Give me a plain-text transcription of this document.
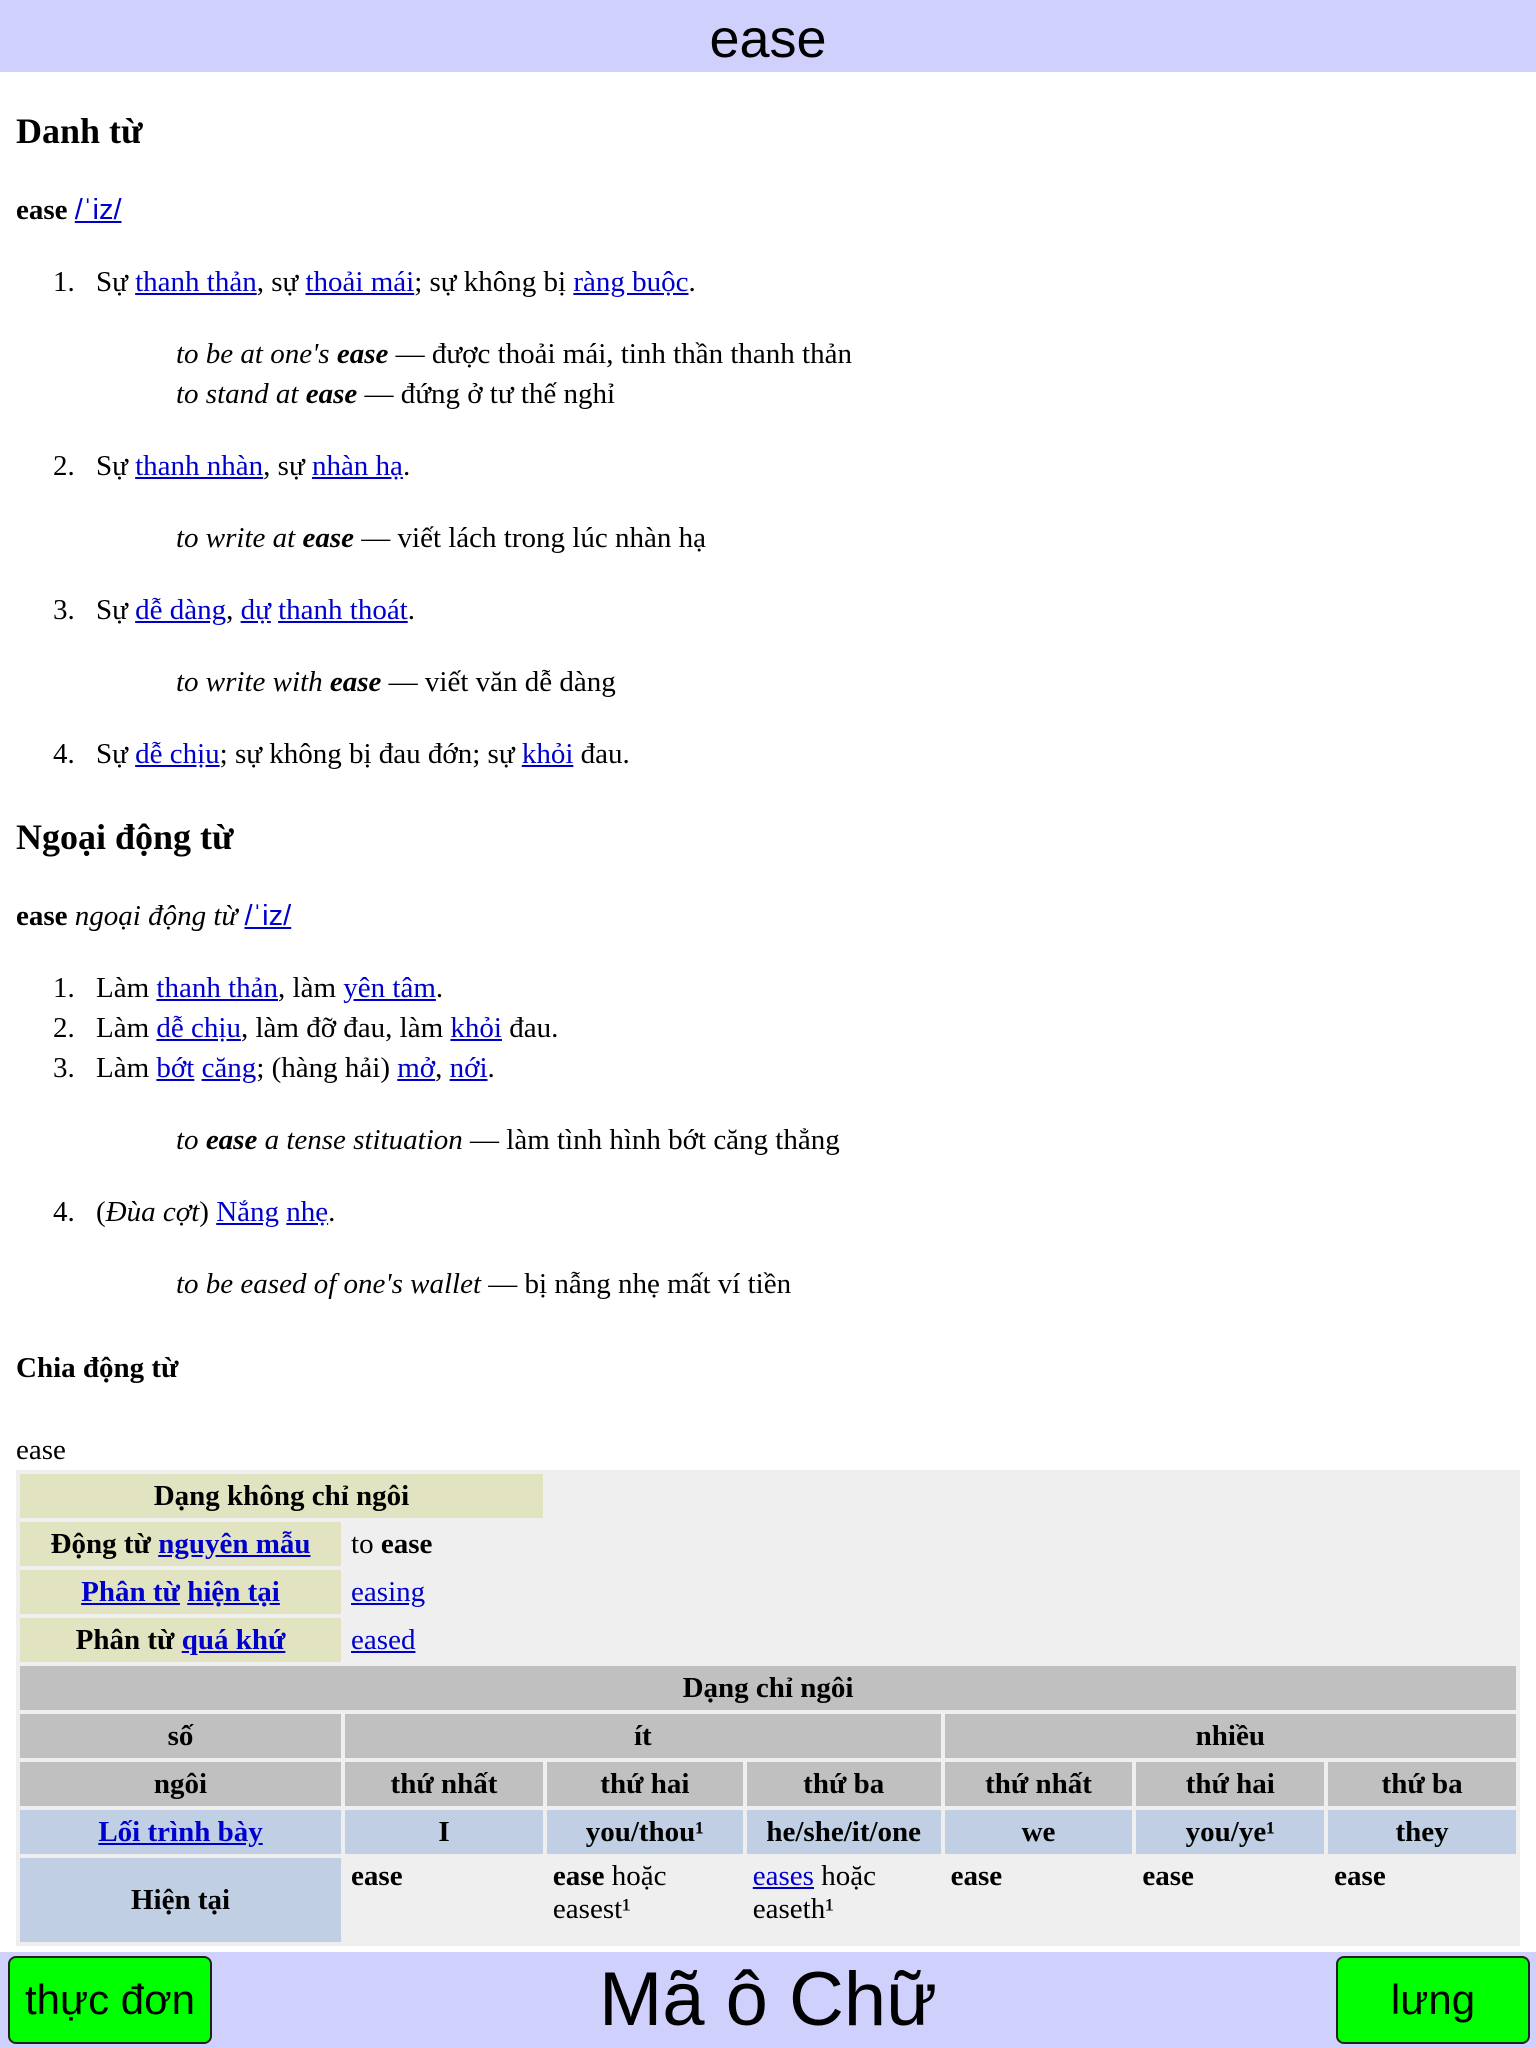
ease
Danh từ
ease /ˈiz/
1. Sự thanh thản, sự thoải mái; sự không bị ràng buộc.
to be at one's ease — được thoải mái, tinh thần thanh thản
to stand at ease — đứng ở tư thế nghỉ
2. Sự thanh nhàn, sự nhàn hạ.
to write at ease — viết lách trong lúc nhàn hạ
3. Sự dễ dàng, dự thanh thoát.
to write with ease — viết văn dễ dàng
4. Sự dễ chịu; sự không bị đau đớn; sự khỏi đau.
Ngoại động từ
ease ngoại động từ /ˈiz/
1. Làm thanh thản, làm yên tâm.
2. Làm dễ chịu, làm đỡ đau, làm khỏi đau.
3. Làm bớt căng; (hàng hải) mở, nới.
to ease a tense stituation — làm tình hình bớt căng thẳng
4. (Đùa cợt) Nắng nhẹ.
to be eased of one's wallet — bị nẫng nhẹ mất ví tiền
Chia động từ
ease
Dạng không chỉ ngôi						
Động từ nguyên mẫu	to ease					
Phân từ hiện tại	easing					
Phân từ quá khứ	eased					
Dạng chỉ ngôi						
số	ít			nhiều		
ngôi	thứ nhất	thứ hai	thứ ba	thứ nhất	thứ hai	thứ ba
Lối trình bày	I	you/thou¹	he/she/it/one	we	you/ye¹	they
Hiện tại	ease	ease hoặc easest¹	eases hoặc easeth¹	ease	ease	ease
Mã ô Chữ
thực đơn	lưng
